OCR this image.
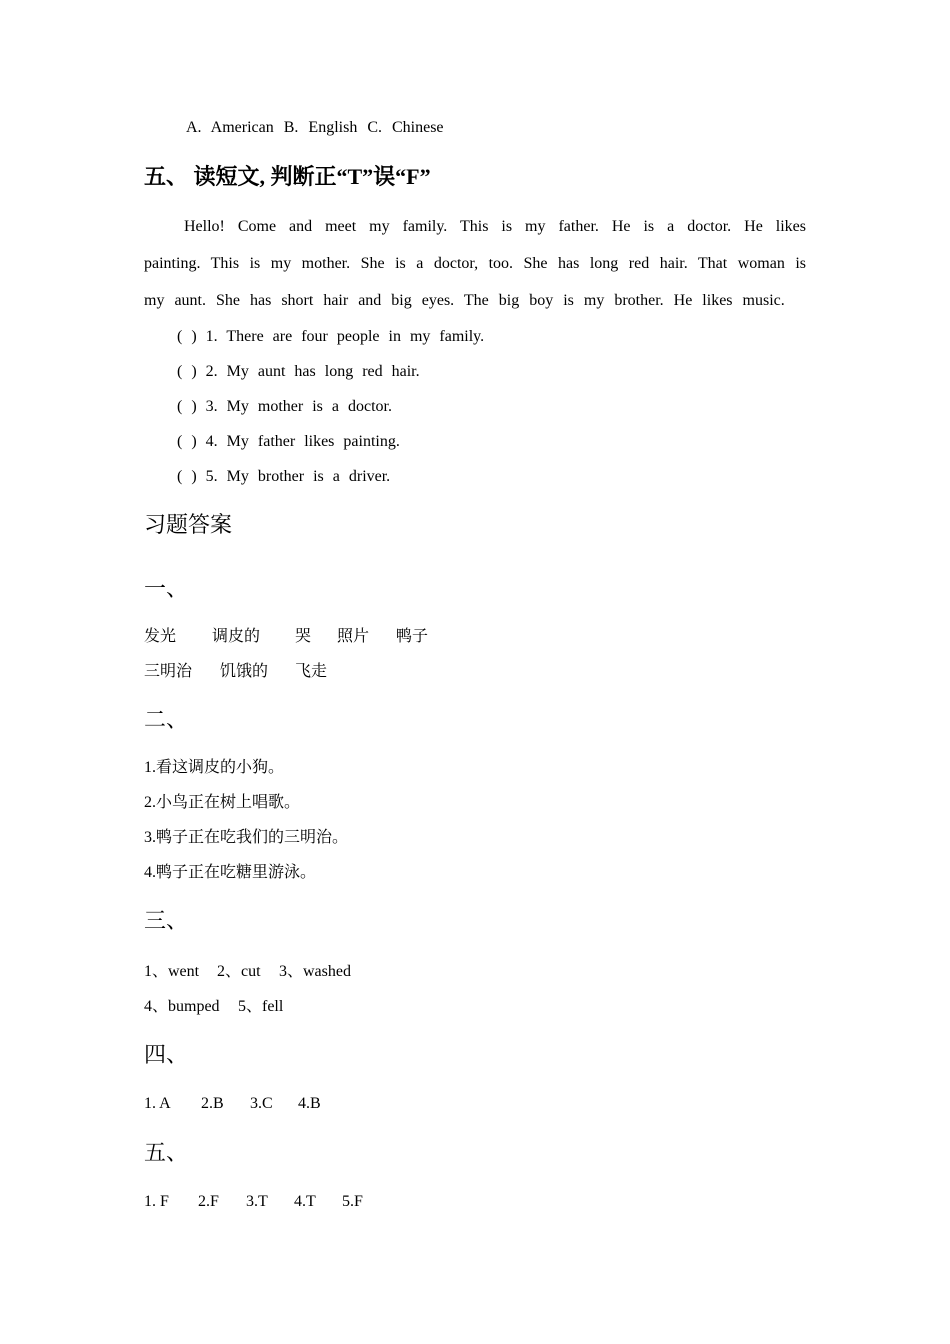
A. American B. English C. Chinese
五、 读短文, 判断正“T”误“F”
Hello! Come and meet my family. This is my father. He is a doctor. He likes painting. This is my mother. She is a doctor, too. She has long red hair. That woman is my aunt. She has short hair and big eyes. The big boy is my brother. He likes music.
( ) 1. There are four people in my family.
( ) 2. My aunt has long red hair.
( ) 3. My mother is a doctor.
( ) 4. My father likes painting.
( ) 5. My brother is a driver.
习题答案
一、
发光 调皮的 哭 照片 鸭子
三明治 饥饿的 飞走
二、
1.看这调皮的小狗。
2.小鸟正在树上唱歌。
3.鸭子正在吃我们的三明治。
4.鸭子正在吃糖里游泳。
三、
1、went 2、cut 3、washed
4、bumped 5、fell
四、
1. A 2.B 3.C 4.B
五、
1. F 2.F 3.T 4.T 5.F
